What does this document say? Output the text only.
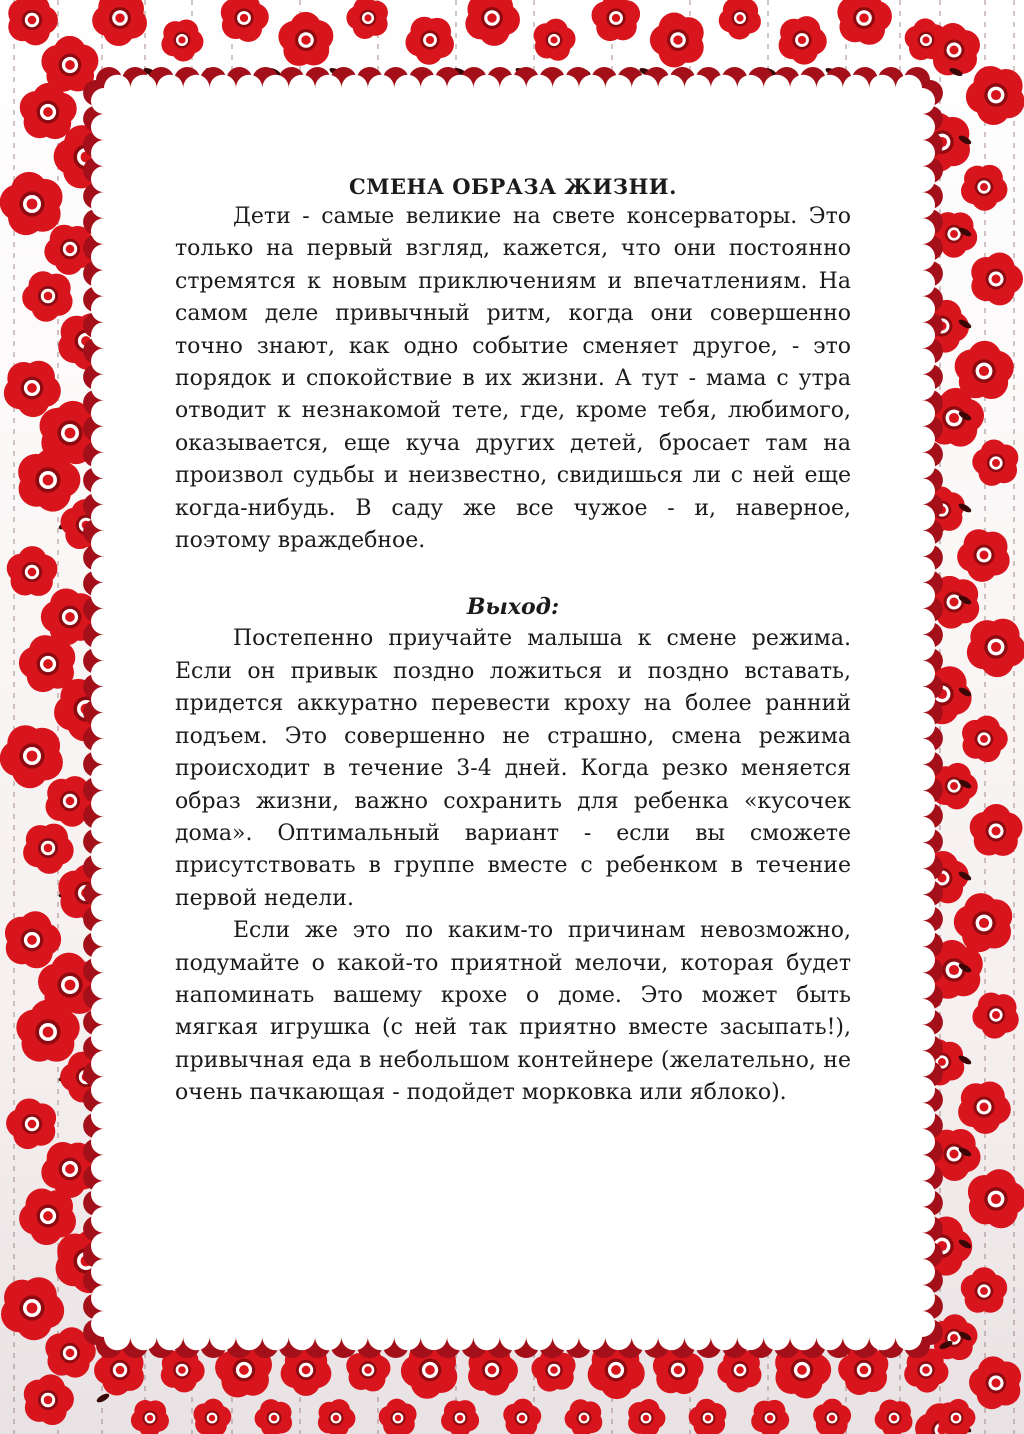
СМЕНА ОБРАЗА ЖИЗНИ.

Дети - самые великие на свете консерваторы. Это только на первый взгляд, кажется, что они постоянно стремятся к новым приключениям и впечатлениям. На самом деле привычный ритм, когда они совершенно точно знают, как одно событие сменяет другое, - это порядок и спокойствие в их жизни. А тут - мама с утра отводит к незнакомой тете, где, кроме тебя, любимого, оказывается, еще куча других детей, бросает там на произвол судьбы и неизвестно, свидишься ли с ней еще когда-нибудь. В саду же все чужое - и, наверное, поэтому враждебное.

Выход:

Постепенно приучайте малыша к смене режима. Если он привык поздно ложиться и поздно вставать, придется аккуратно перевести кроху на более ранний подъем. Это совершенно не страшно, смена режима происходит в течение 3-4 дней. Когда резко меняется образ жизни, важно сохранить для ребенка «кусочек дома». Оптимальный вариант - если вы сможете присутствовать в группе вместе с ребенком в течение первой недели.

Если же это по каким-то причинам невозможно, подумайте о какой-то приятной мелочи, которая будет напоминать вашему крохе о доме. Это может быть мягкая игрушка (с ней так приятно вместе засыпать!), привычная еда в небольшом контейнере (желательно, не очень пачкающая - подойдет морковка или яблоко).
